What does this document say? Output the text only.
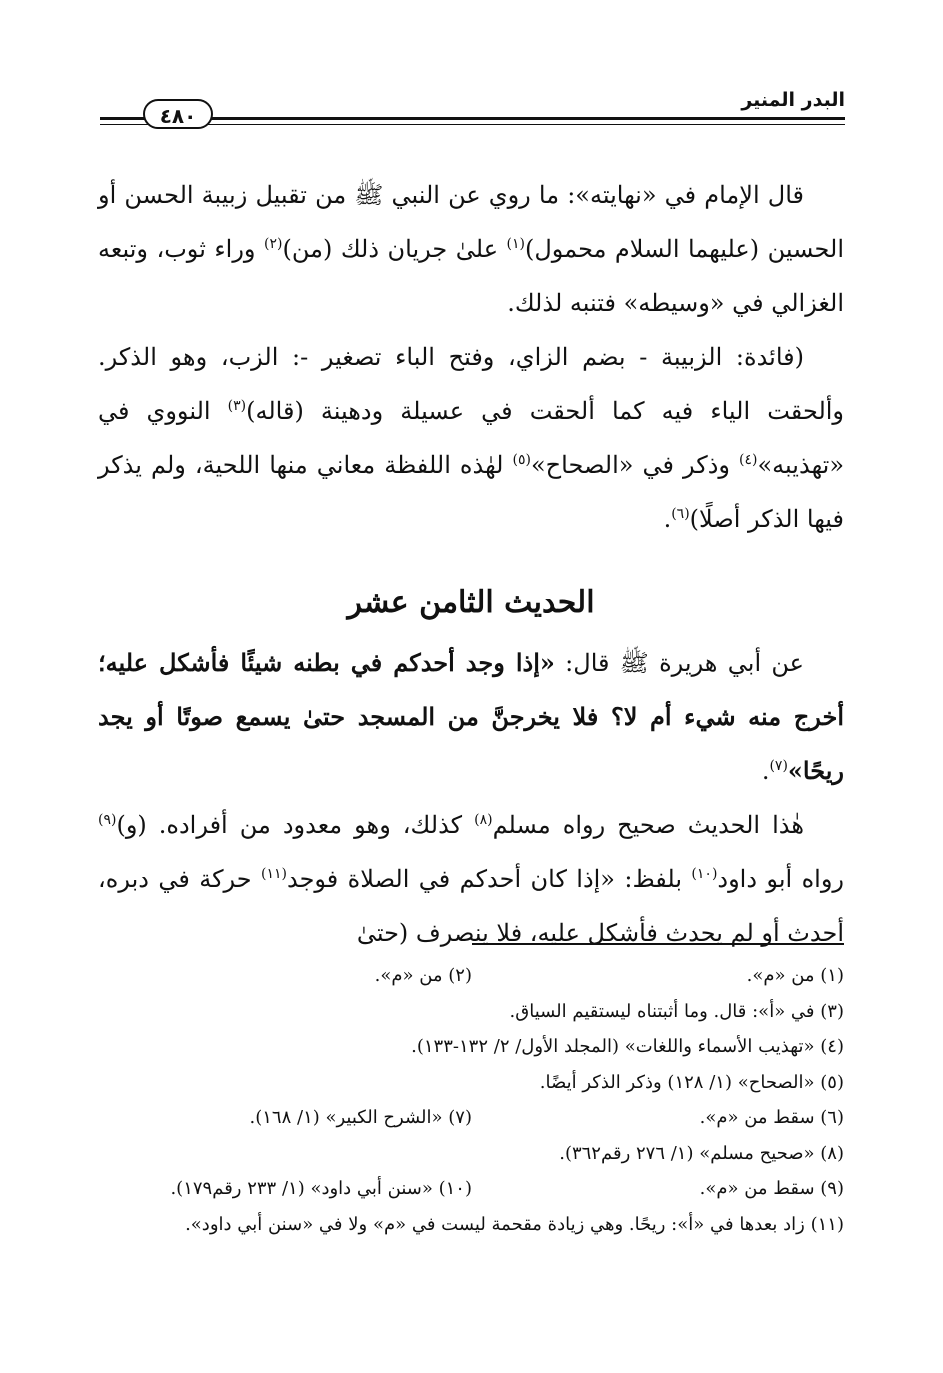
البدر المنير
٤٨٠

قال الإمام في «نهايته»: ما روي عن النبي ﷺ من تقبيل زبيبة الحسن أو الحسين (عليهما السلام محمول)$^{(١)}$ علىٰ جريان ذلك (من)$^{(٢)}$ وراء ثوب، وتبعه الغزالي في «وسيطه» فتنبه لذلك.

(فائدة: الزبيبة - بضم الزاي، وفتح الباء تصغير -: الزب، وهو الذكر. وألحقت الياء فيه كما ألحقت في عسيلة ودهينة (قاله)$^{(٣)}$ النووي في «تهذيبه»$^{(٤)}$ وذكر في «الصحاح»$^{(٥)}$ لهٰذه اللفظة معاني منها اللحية، ولم يذكر فيها الذكر أصلًا)$^{(٦)}$.

الحديث الثامن عشر

عن أبي هريرة ﷺ قال: «إذا وجد أحدكم في بطنه شيئًا فأشكل عليه؛ أخرج منه شيء أم لا؟ فلا يخرجنَّ من المسجد حتىٰ يسمع صوتًا أو يجد ريحًا»$^{(٧)}$.

هٰذا الحديث صحيح رواه مسلم$^{(٨)}$ كذلك، وهو معدود من أفراده. (و)$^{(٩)}$ رواه أبو داود$^{(١٠)}$ بلفظ: «إذا كان أحدكم في الصلاة فوجد$^{(١١)}$ حركة في دبره، أحدث أو لم يحدث فأشكل عليه، فلا ينصرف (حتىٰ

(١) من «م».
(٢) من «م».
(٣) في «أ»: قال. وما أثبتناه ليستقيم السياق.
(٤) «تهذيب الأسماء واللغات» (المجلد الأول/ ٢/ ١٣٢-١٣٣).
(٥) «الصحاح» (١/ ١٢٨) وذكر الذكر أيضًا.
(٦) سقط من «م».
(٧) «الشرح الكبير» (١/ ١٦٨).
(٨) «صحيح مسلم» (١/ ٢٧٦ رقم٣٦٢).
(٩) سقط من «م».
(١٠) «سنن أبي داود» (١/ ٢٣٣ رقم١٧٩).
(١١) زاد بعدها في «أ»: ريحًا. وهي زيادة مقحمة ليست في «م» ولا في «سنن أبي داود».
